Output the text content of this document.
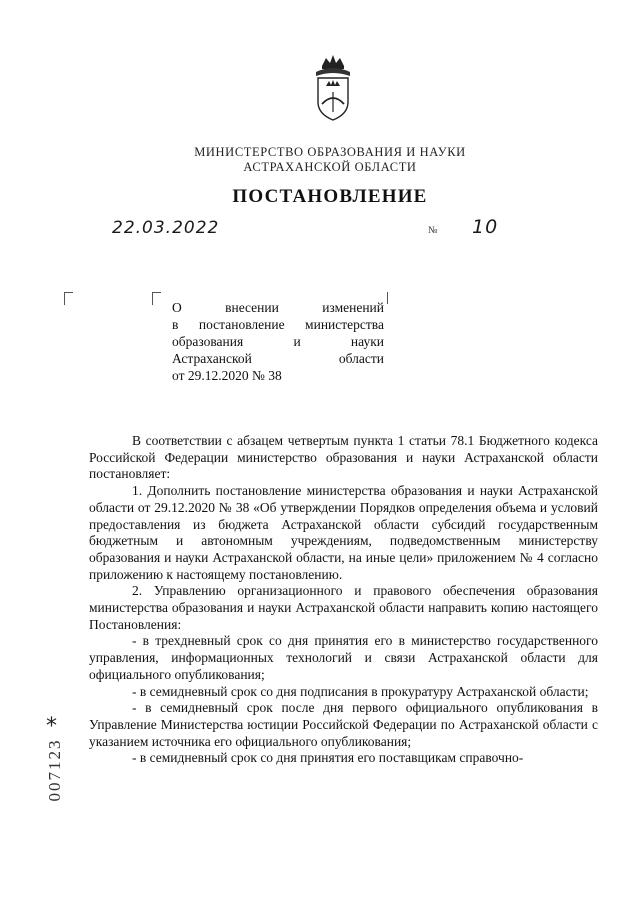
МИНИСТЕРСТВО ОБРАЗОВАНИЯ И НАУКИ
АСТРАХАНСКОЙ ОБЛАСТИ
ПОСТАНОВЛЕНИЕ
22.03.2022	№ 10
О внесении изменений
в постановление министерства
образования и науки
Астраханской области
от 29.12.2020 № 38

В соответствии с абзацем четвертым пункта 1 статьи 78.1 Бюджетного кодекса Российской Федерации министерство образования и науки Астраханской области постановляет:

1. Дополнить постановление министерства образования и науки Астраханской области от 29.12.2020 № 38 «Об утверждении Порядков определения объема и условий предоставления из бюджета Астраханской области субсидий государственным бюджетным и автономным учреждениям, подведомственным министерству образования и науки Астраханской области, на иные цели» приложением № 4 согласно приложению к настоящему постановлению.

2. Управлению организационного и правового обеспечения образования министерства образования и науки Астраханской области направить копию настоящего Постановления:

- в трехдневный срок со дня принятия его в министерство государственного управления, информационных технологий и связи Астраханской области для официального опубликования;

- в семидневный срок со дня подписания в прокуратуру Астраханской области;

- в семидневный срок после дня первого официального опубликования в Управление Министерства юстиции Российской Федерации по Астраханской области с указанием источника его официального опубликования;

- в семидневный срок со дня принятия его поставщикам справочно-

*
007123
